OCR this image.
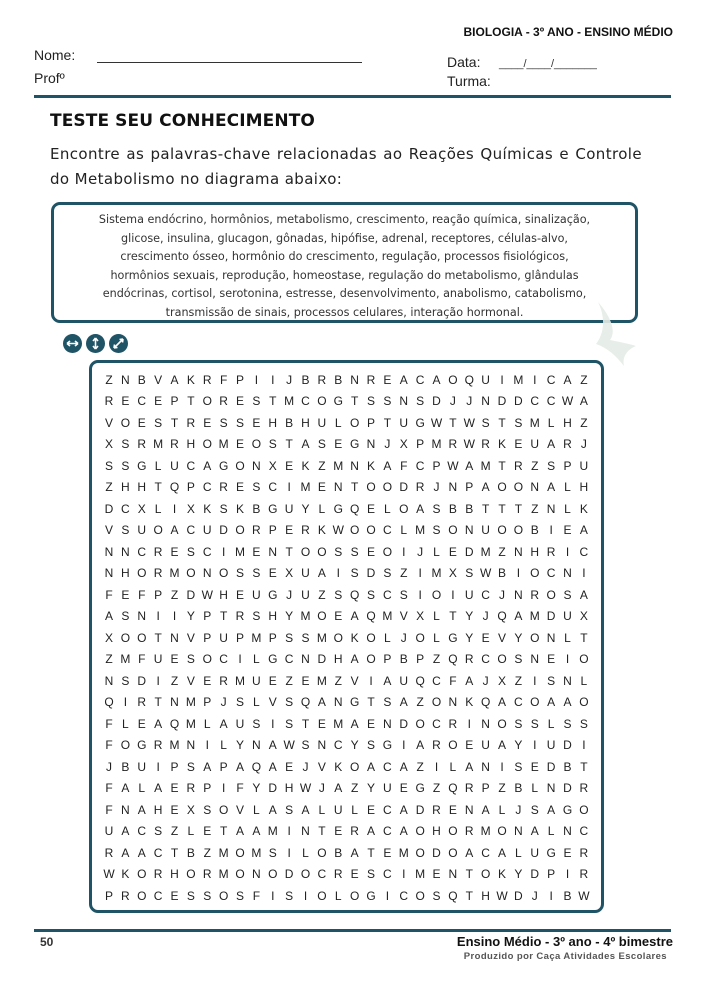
BIOLOGIA - 3º ANO - ENSINO MÉDIO
Nome:
Profº
Data: ____/____/_______
Turma:
TESTE SEU CONHECIMENTO
Encontre as palavras-chave relacionadas ao Reações Químicas e Controle do Metabolismo no diagrama abaixo:
Sistema endócrino, hormônios, metabolismo, crescimento, reação química, sinalização,
glicose, insulina, glucagon, gônadas, hipófise, adrenal, receptores, células-alvo,
crescimento ósseo, hormônio do crescimento, regulação, processos fisiológicos,
hormônios sexuais, reprodução, homeostase, regulação do metabolismo, glândulas
endócrinas, cortisol, serotonina, estresse, desenvolvimento, anabolismo, catabolismo,
transmissão de sinais, processos celulares, interação hormonal.
Z N B V A K R F P I	I J B R B N R E A C A O Q U I M I C A Z
R E C E P T O R E S T M C O G T S S N S D J J N D D C C W A
V O E S T R E S S E H B H U L O P T U G W T W S T S M L H Z
X S R M R H O M E O S T A S E G N J X P M R W R K E U A R J
S S G L U C A G O N X E K Z M N K A F C P W A M T R Z S P U
Z H H T Q P C R E S C I M E N T O O D R J N P A O O N A L H
D C X L I X K S K B G U Y L G Q E L O A S B B T T T Z N L K
V S U O A C U D O R P E R K W O O C L M S O N U O O B I E A
N N C R E S C I M E N T O O S S E O I J L E D M Z N H R I C
N H O R M O N O S S E X U A I S D S Z I M X S W B I O C N I
F E F P Z D W H E U G J U Z S Q S C S I O I U C J N R O S A
A S N I	I Y P T R S H Y M O E A Q M V X L T Y J Q A M D U X
X O O T N V P U P M P S S M O K O L J O L G Y E V Y O N L T
Z M F U E S O C I L G C N D H A O P B P Z Q R C O S N E I O
N S D I Z V E R M U E Z E M Z V I A U Q C F A J X Z I S N L
Q I R T N M P J S L V S Q A N G T S A Z O N K Q A C O A A O
F L E A Q M L A U S I S T E M A E N D O C R I N O S S L S S
F O G R M N I L Y N A W S N C Y S G I A R O E U A Y I U D I
J B U I P S A P A Q A E J V K O A C A Z I L A N I S E D B T
F A L A E R P I F Y D H W J A Z Y U E G Z Q R P Z B L N D R
F N A H E X S O V L A S A L U L E C A D R E N A L J S A G O
U A C S Z L E T A A M I N T E R A C A O H O R M O N A L N C
R A A C T B Z M O M S I L O B A T E M O D O A C A L U G E R
W K O R H O R M O N O D O C R E S C I M E N T O K Y D P I R
P R O C E S S O S F I S I O L O G I C O S Q T H W D J I B W
50	Ensino Médio - 3º ano - 4º bimestre
Produzido por Caça Atividades Escolares
